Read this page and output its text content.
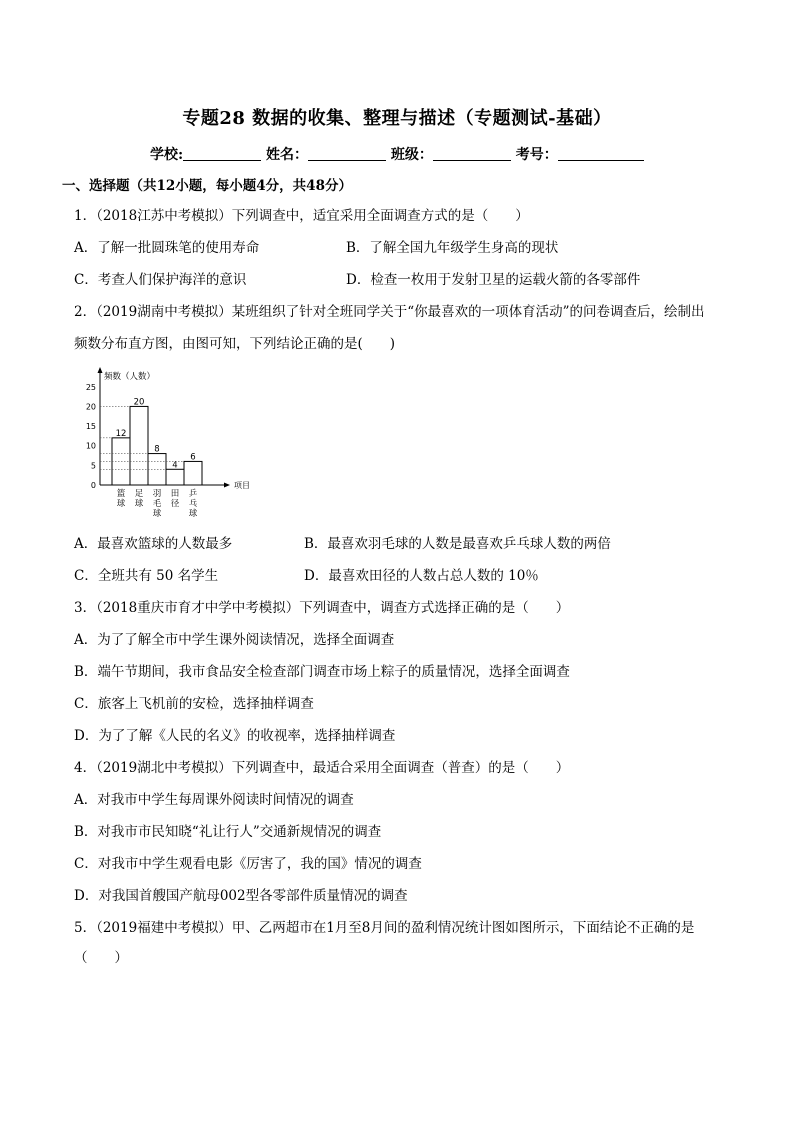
专题28 数据的收集、整理与描述（专题测试-基础）
学校:	姓名：	班级：	考号：
一、选择题（共12小题，每小题4分，共48分）
1．（2018江苏中考模拟）下列调查中，适宜采用全面调查方式的是（　　）
A．了解一批圆珠笔的使用寿命	B．了解全国九年级学生身高的现状
C．考查人们保护海洋的意识	D．检查一枚用于发射卫星的运载火箭的各零部件
2．（2019湖南中考模拟）某班组织了针对全班同学关于“你最喜欢的一项体育活动”的问卷调查后，绘制出
频数分布直方图，由图可知，下列结论正确的是(　　)
频数（人数）
项目
0
5
10
15
20
25
12
篮
球
20
足
球
8
羽
毛
球
4
田
径
6
乒
乓
球
A．最喜欢篮球的人数最多	B．最喜欢羽毛球的人数是最喜欢乒乓球人数的两倍
C．全班共有 50 名学生	D．最喜欢田径的人数占总人数的 10％
3．（2018重庆市育才中学中考模拟）下列调查中，调查方式选择正确的是（　　）
A．为了了解全市中学生课外阅读情况，选择全面调查
B．端午节期间，我市食品安全检查部门调查市场上粽子的质量情况，选择全面调查
C．旅客上飞机前的安检，选择抽样调查
D．为了了解《人民的名义》的收视率，选择抽样调查
4．（2019湖北中考模拟）下列调查中，最适合采用全面调查（普查）的是（　　）
A．对我市中学生每周课外阅读时间情况的调查
B．对我市市民知晓“礼让行人”交通新规情况的调查
C．对我市中学生观看电影《厉害了，我的国》情况的调查
D．对我国首艘国产航母002型各零部件质量情况的调查
5．（2019福建中考模拟）甲、乙两超市在1月至8月间的盈利情况统计图如图所示，下面结论不正确的是
（　　）
